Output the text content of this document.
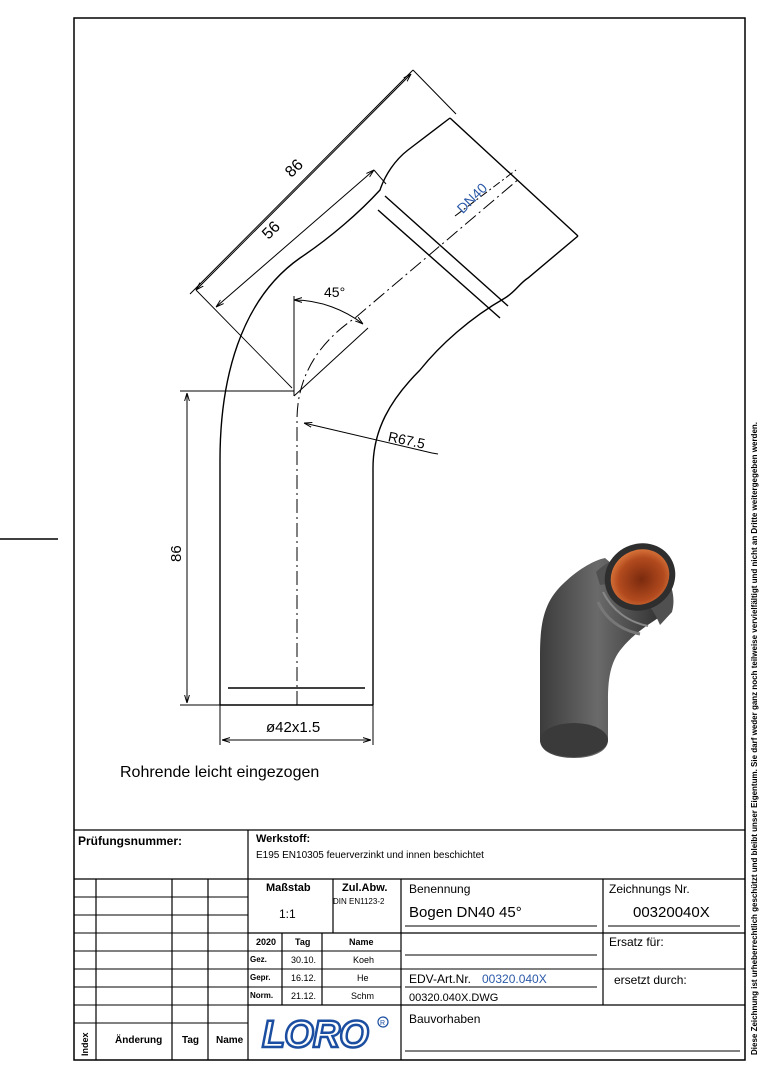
LORO R
86
56
45°
DN40
R67.5
86
ø42x1.5
Rohrende leicht eingezogen	Diese Zeichnung ist urheberrechtlich geschützt und bleibt unser Eigentum. Sie darf weder ganz noch teilweise vervielfältigt und nicht an Dritte weitergegeben werden.
Prüfungsnummer:	Werkstoff:
E195 EN10305 feuerverzinkt und innen beschichtet
Maßstab
1:1
Zul.Abw.
DIN EN1123-2
Benennung
Bogen DN40 45°
Zeichnungs Nr.
00320040X
2020 Tag	Name
Gez.	30.10.	Koeh
Gepr. 16.12.	He
Norm. 21.12.	Schm
Ersatz für:
EDV-Art.Nr. 00320.040X	ersetzt durch:
00320.040X.DWG
Bauvorhaben
Index	Änderung Tag Name
